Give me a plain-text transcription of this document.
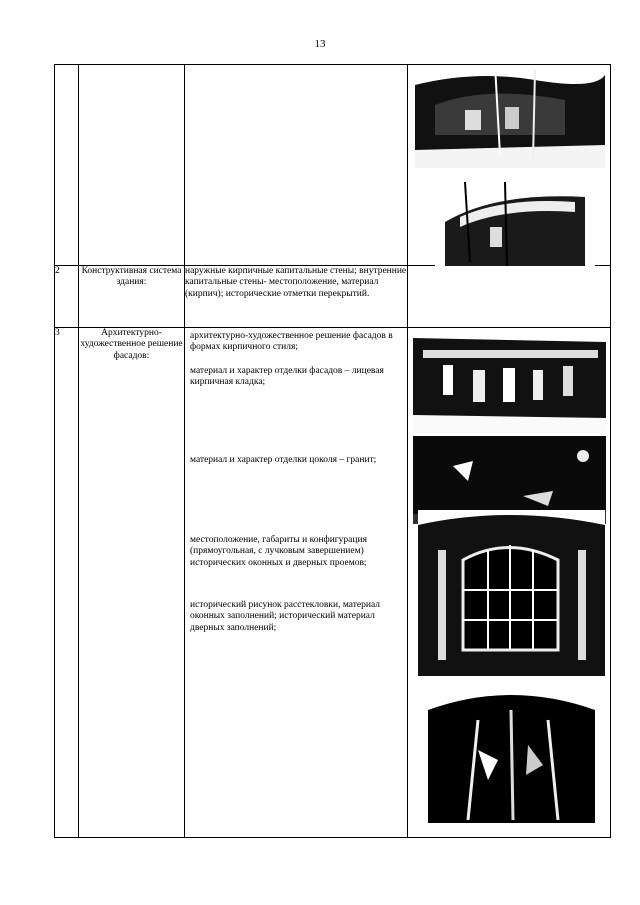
13

2	Конструктивная система здания:	наружные кирпичные капитальные стены; внутренние капитальные стены- местоположение, материал (кирпич); исторические отметки перекрытий.	

3	Архитектурно-художественное решение фасадов:	архитектурно-художественное решение фасадов в формах кирпичного стиля;

материал и характер отделки фасадов – лицевая кирпичная кладка;

материал и характер отделки цоколя – гранит;

местоположение, габариты и конфигурация (прямоугольная, с лучковым завершением) исторических оконных и дверных проемов;

исторический рисунок расстекловки, материал оконных заполнений; исторический материал дверных заполнений;
